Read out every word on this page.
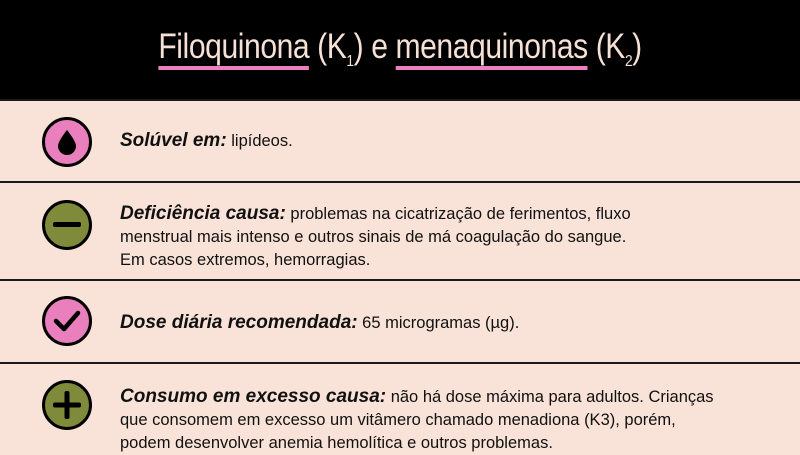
Filoquinona $(K_1)$ e menaquinonas $(K_2)$
Solúvel em: lipídeos.
Deficiência causa: problemas na cicatrização de ferimentos, fluxo
menstrual mais intenso e outros sinais de má coagulação do sangue.
Em casos extremos, hemorragias.
Dose diária recomendada: 65 microgramas (µg).
Consumo em excesso causa: não há dose máxima para adultos. Crianças
que consomem em excesso um vitâmero chamado menadiona (K3), porém,
podem desenvolver anemia hemolítica e outros problemas.
